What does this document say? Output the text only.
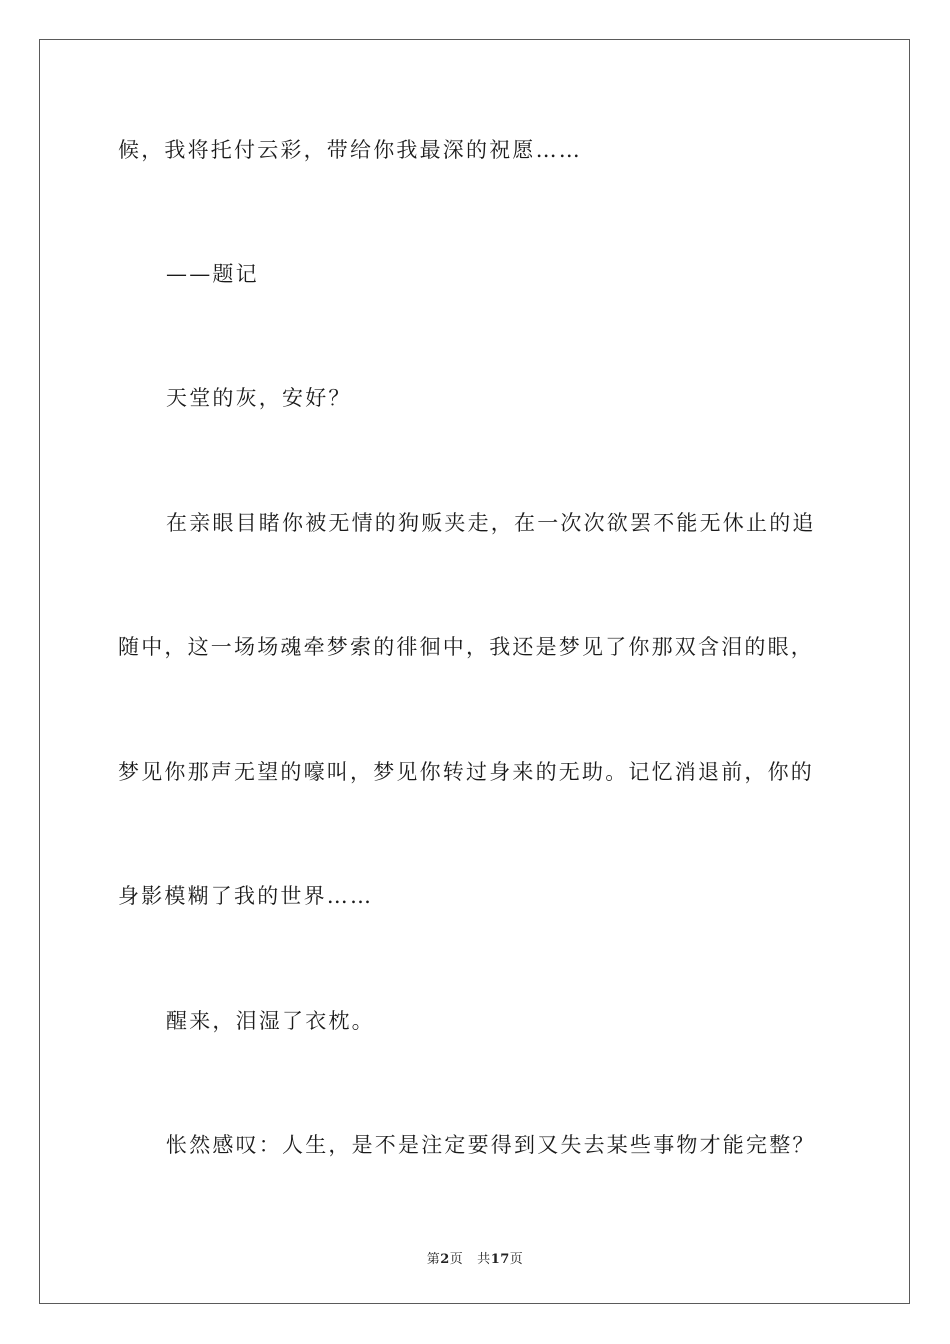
候，我将托付云彩，带给你我最深的祝愿……
——题记
天堂的灰，安好？
在亲眼目睹你被无情的狗贩夹走，在一次次欲罢不能无休止的追
随中，这一场场魂牵梦索的徘徊中，我还是梦见了你那双含泪的眼，
梦见你那声无望的嚎叫，梦见你转过身来的无助。记忆消退前，你的
身影模糊了我的世界……
醒来，泪湿了衣枕。
怅然感叹：人生，是不是注定要得到又失去某些事物才能完整？
第2页 共17页
